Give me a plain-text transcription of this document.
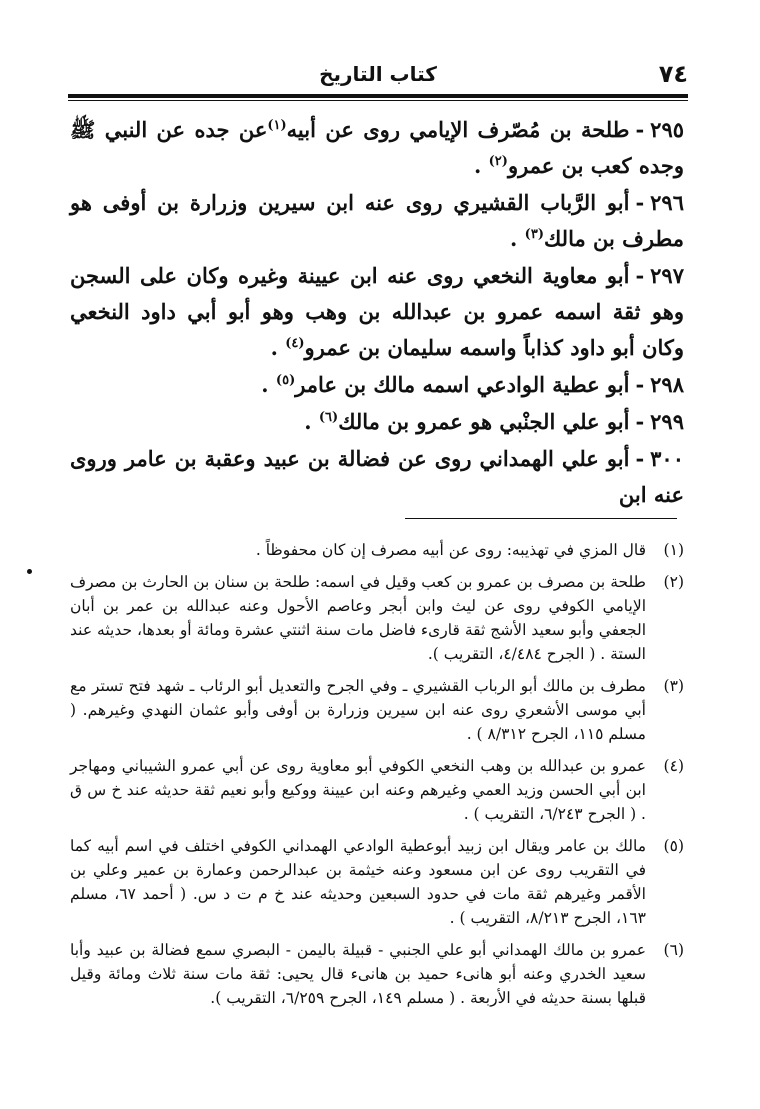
٧٤
كتاب التاريخ

٢٩٥-طلحة بن مُصّرف الإيامي روى عن أبيه$^{(١)}$عن جده عن النبي ﷺ وجده كعب بن عمرو$^{(٢)}$ .

٢٩٦-أبو الرَّباب القشيري روى عنه ابن سيرين وزرارة بن أوفى هو مطرف بن مالك$^{(٣)}$ .

٢٩٧-أبو معاوية النخعي روى عنه ابن عيينة وغيره وكان على السجن وهو ثقة اسمه عمرو بن عبدالله بن وهب وهو أبو أبي داود النخعي وكان أبو داود كذاباً واسمه سليمان بن عمرو$^{(٤)}$ .

٢٩٨-أبو عطية الوادعي اسمه مالك بن عامر$^{(٥)}$ .

٢٩٩-أبو علي الجنْبي هو عمرو بن مالك$^{(٦)}$ .

٣٠٠-أبو علي الهمداني روى عن فضالة بن عبيد وعقبة بن عامر وروى عنه ابن

(١)
قال المزي في تهذيبه: روى عن أبيه مصرف إن كان محفوظاً .
(٢)
طلحة بن مصرف بن عمرو بن كعب وقيل في اسمه: طلحة بن سنان بن الحارث بن مصرف الإيامي الكوفي روى عن ليث وابن أبجر وعاصم الأحول وعنه عبدالله بن عمر بن أبان الجعفي وأبو سعيد الأشج ثقة قارىء فاضل مات سنة اثنتي عشرة ومائة أو بعدها، حديثه عند الستة . ( الجرح ٤/٤٨٤، التقريب ).
(٣)
مطرف بن مالك أبو الرباب القشيري ـ وفي الجرح والتعديل أبو الرئاب ـ شهد فتح تستر مع أبي موسى الأشعري روى عنه ابن سيرين وزرارة بن أوفى وأبو عثمان النهدي وغيرهم. ( مسلم ١١٥، الجرح ٨/٣١٢ ) .
(٤)
عمرو بن عبدالله بن وهب النخعي الكوفي أبو معاوية روى عن أبي عمرو الشيباني ومهاجر ابن أبي الحسن وزيد العمي وغيرهم وعنه ابن عيينة ووكيع وأبو نعيم ثقة حديثه عند خ س ق . ( الجرح ٦/٢٤٣، التقريب ) .
(٥)
مالك بن عامر ويقال ابن زبيد أبوعطية الوادعي الهمداني الكوفي اختلف في اسم أبيه كما في التقريب روى عن ابن مسعود وعنه خيثمة بن عبدالرحمن وعمارة بن عمير وعلي بن الأقمر وغيرهم ثقة مات في حدود السبعين وحديثه عند خ م ت د س. ( أحمد ٦٧، مسلم ١٦٣، الجرح ٨/٢١٣، التقريب ) .
(٦)
عمرو بن مالك الهمداني أبو علي الجنبي - قبيلة باليمن - البصري سمع فضالة بن عبيد وأبا سعيد الخدري وعنه أبو هانىء حميد بن هانىء قال يحيى: ثقة مات سنة ثلاث ومائة وقيل قبلها بسنة حديثه في الأربعة . ( مسلم ١٤٩، الجرح ٦/٢٥٩، التقريب ).
